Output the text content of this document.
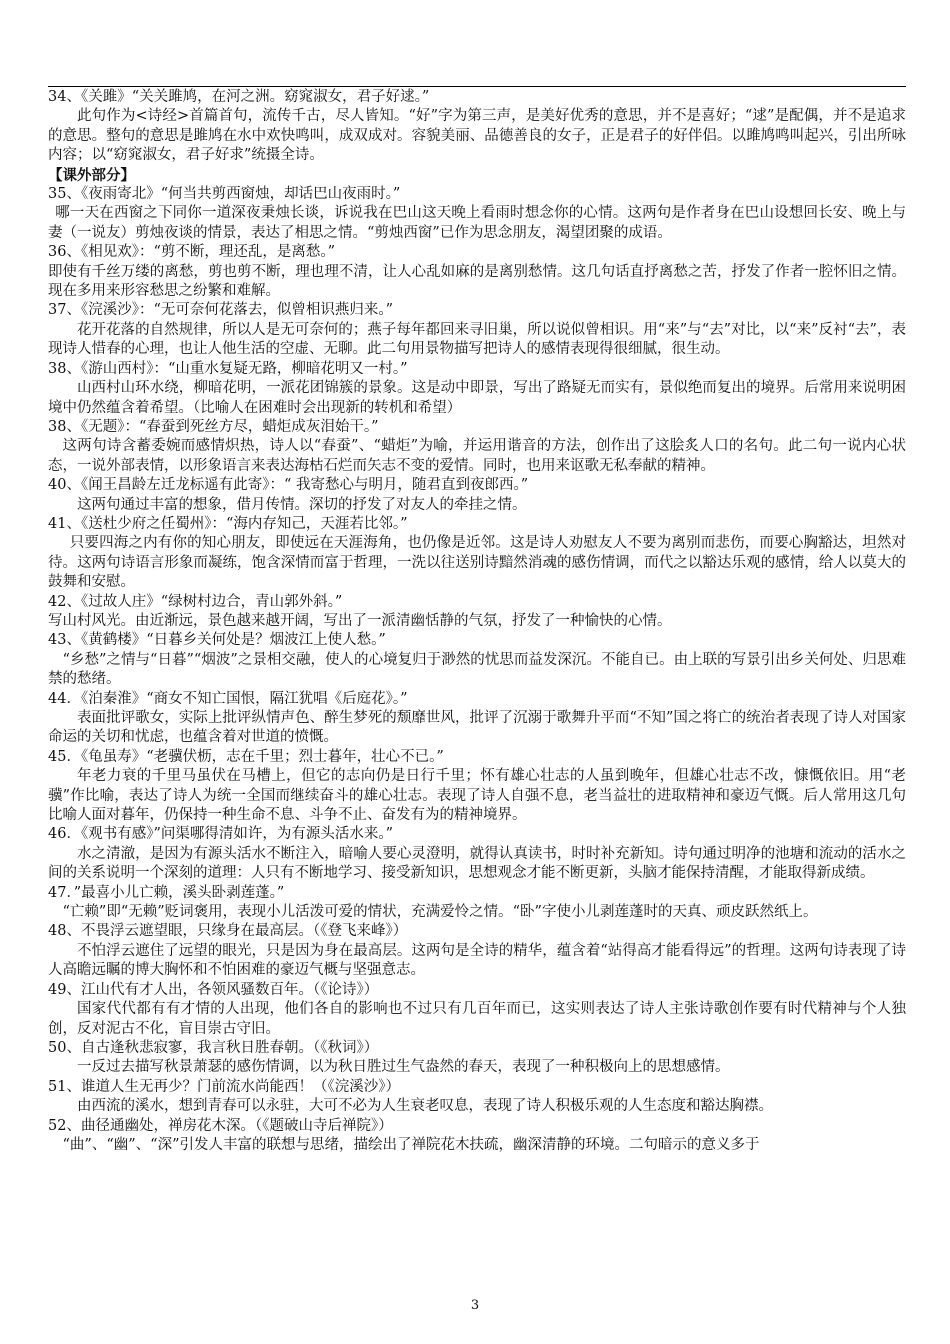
34、《关雎》“关关雎鸠，在河之洲。窈窕淑女，君子好逑。”

此句作为<诗经>首篇首句，流传千古，尽人皆知。“好”字为第三声，是美好优秀的意思，并不是喜好；“逑”是配偶，并不是追求的意思。整句的意思是雎鸠在水中欢快鸣叫，成双成对。容貌美丽、品德善良的女子，正是君子的好伴侣。以雎鸠鸣叫起兴，引出所咏内容；以“窈窕淑女，君子好求”统摄全诗。

【课外部分】

35、《夜雨寄北》“何当共剪西窗烛，却话巴山夜雨时。”

哪一天在西窗之下同你一道深夜秉烛长谈，诉说我在巴山这天晚上看雨时想念你的心情。这两句是作者身在巴山设想回长安、晚上与妻（一说友）剪烛夜谈的情景，表达了相思之情。“剪烛西窗”已作为思念朋友，渴望团聚的成语。

36、《相见欢》：“剪不断，理还乱，是离愁。”

即使有千丝万缕的离愁，剪也剪不断，理也理不清，让人心乱如麻的是离别愁情。这几句话直抒离愁之苦，抒发了作者一腔怀旧之情。现在多用来形容愁思之纷繁和难解。

37、《浣溪沙》：“无可奈何花落去，似曾相识燕归来。”

花开花落的自然规律，所以人是无可奈何的；燕子每年都回来寻旧巢，所以说似曾相识。用“来”与“去”对比，以“来”反衬“去”，表现诗人惜春的心理，也让人他生活的空虚、无聊。此二句用景物描写把诗人的感情表现得很细腻，很生动。

38、《游山西村》：“山重水复疑无路，柳暗花明又一村。”

山西村山环水绕，柳暗花明，一派花团锦簇的景象。这是动中即景，写出了路疑无而实有，景似绝而复出的境界。后常用来说明困境中仍然蕴含着希望。（比喻人在困难时会出现新的转机和希望）

38、《无题》：“春蚕到死丝方尽，蜡炬成灰泪始干。”

这两句诗含蓄委婉而感情炽热，诗人以“春蚕”、“蜡炬”为喻，并运用谐音的方法，创作出了这脍炙人口的名句。此二句一说内心状态，一说外部表情，以形象语言来表达海枯石烂而矢志不变的爱情。同时，也用来讴歌无私奉献的精神。

40、《闻王昌龄左迁龙标遥有此寄》：“ 我寄愁心与明月，随君直到夜郎西。”

这两句通过丰富的想象，借月传情。深切的抒发了对友人的牵挂之情。

41、《送杜少府之任蜀州》：“海内存知己，天涯若比邻。”

只要四海之内有你的知心朋友，即使远在天涯海角，也仍像是近邻。这是诗人劝慰友人不要为离别而悲伤，而要心胸豁达，坦然对待。这两句诗语言形象而凝练，饱含深情而富于哲理，一洗以往送别诗黯然消魂的感伤情调，而代之以豁达乐观的感情，给人以莫大的鼓舞和安慰。

42、《过故人庄》“绿树村边合，青山郭外斜。”

写山村风光。由近渐远，景色越来越开阔，写出了一派清幽恬静的气氛，抒发了一种愉快的心情。

43、《黄鹤楼》“日暮乡关何处是？烟波江上使人愁。”

“乡愁”之情与“日暮”“烟波”之景相交融，使人的心境复归于渺然的忧思而益发深沉。不能自已。由上联的写景引出乡关何处、归思难禁的愁绪。

44．《泊秦淮》“商女不知亡国恨，隔江犹唱《后庭花》。”

表面批评歌女，实际上批评纵情声色、醉生梦死的颓靡世风，批评了沉溺于歌舞升平而“不知”国之将亡的统治者表现了诗人对国家命运的关切和忧虑，也蕴含着对世道的愤慨。

45．《龟虽寿》“老骥伏枥，志在千里；烈士暮年，壮心不已。”

年老力衰的千里马虽伏在马槽上，但它的志向仍是日行千里；怀有雄心壮志的人虽到晚年，但雄心壮志不改，慷慨依旧。用“老骥”作比喻，表达了诗人为统一全国而继续奋斗的雄心壮志。表现了诗人自强不息，老当益壮的进取精神和豪迈气慨。后人常用这几句比喻人面对暮年，仍保持一种生命不息、斗争不止、奋发有为的精神境界。

46．《观书有感》”问渠哪得清如许，为有源头活水来。”

水之清澈，是因为有源头活水不断注入，暗喻人要心灵澄明，就得认真读书，时时补充新知。诗句通过明净的池塘和流动的活水之间的关系说明一个深刻的道理：人只有不断地学习、接受新知识，思想观念才能不断更新，头脑才能保持清醒，才能取得新成绩。

47．”最喜小儿亡赖，溪头卧剥莲蓬。”

“亡赖”即“无赖”贬词褒用，表现小儿活泼可爱的情状，充满爱怜之情。“卧”字使小儿剥莲蓬时的天真、顽皮跃然纸上。

48、不畏浮云遮望眼，只缘身在最高层。（《登飞来峰》）

不怕浮云遮住了远望的眼光，只是因为身在最高层。这两句是全诗的精华，蕴含着“站得高才能看得远”的哲理。这两句诗表现了诗人高瞻远瞩的博大胸怀和不怕困难的豪迈气概与坚强意志。

49、江山代有才人出，各领风骚数百年。（《论诗》）

国家代代都有有才情的人出现，他们各自的影响也不过只有几百年而已，这实则表达了诗人主张诗歌创作要有时代精神与个人独创，反对泥古不化，盲目崇古守旧。

50、自古逢秋悲寂寥，我言秋日胜春朝。（《秋词》）

一反过去描写秋景萧瑟的感伤情调，以为秋日胜过生气盎然的春天，表现了一种积极向上的思想感情。

51、谁道人生无再少？门前流水尚能西！（《浣溪沙》）

由西流的溪水，想到青春可以永驻，大可不必为人生衰老叹息，表现了诗人积极乐观的人生态度和豁达胸襟。

52、曲径通幽处，禅房花木深。（《题破山寺后禅院》）

“曲”、“幽”、“深”引发人丰富的联想与思绪，描绘出了禅院花木扶疏，幽深清静的环境。二句暗示的意义多于

3
